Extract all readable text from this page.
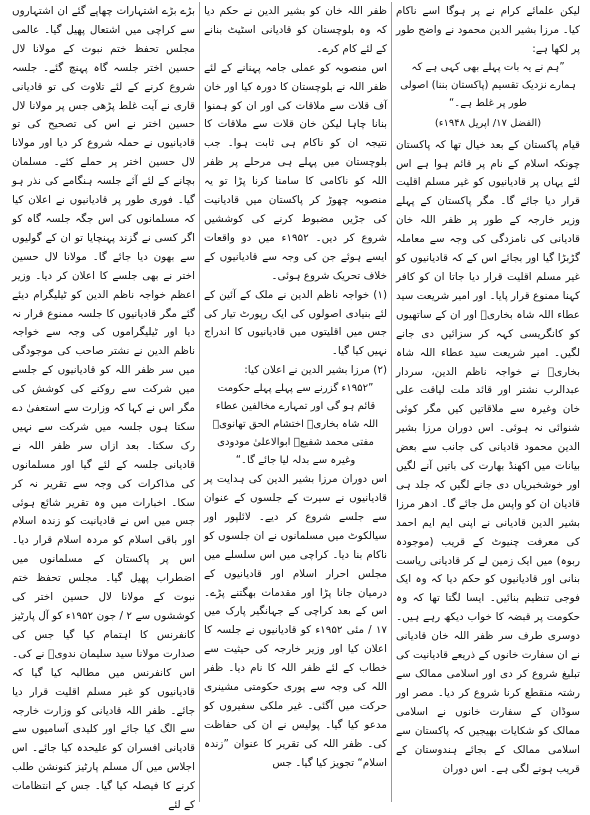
لیکن علمائے کرام نے پر ہوگا اسے ناکام کیا۔ مرزا بشیر الدین محمود نے واضح طور پر لکھا ہے:

”ہم نے یہ بات پہلے بھی کہی ہے کہ ہمارے نزدیک تقسیم (پاکستان بننا) اصولی طور پر غلط ہے۔“

(الفضل ۱۷/ اپریل ۱۹۴۸ء)

قیام پاکستان کے بعد خیال تھا کہ پاکستان چونکہ اسلام کے نام پر قائم ہوا ہے اس لئے یہاں پر قادیانیوں کو غیر مسلم اقلیت قرار دیا جائے گا۔ مگر پاکستان کے پہلے وزیر خارجہ کے طور پر ظفر اللہ خان قادیانی کی نامزدگی کی وجہ سے معاملہ گڑبڑا گیا اور بجائے اس کے کہ قادیانیوں کو غیر مسلم اقلیت قرار دیا جاتا ان کو کافر کہنا ممنوع قرار پایا۔ اور امیر شریعت سید عطاء اللہ شاہ بخاریؒ اور ان کے ساتھیوں کو کانگریسی کہہ کر سزائیں دی جانے لگیں۔ امیر شریعت سید عطاء اللہ شاہ بخاریؒ نے خواجہ ناظم الدین، سردار عبدالرب نشتر اور قائد ملت لیاقت علی خان وغیرہ سے ملاقاتیں کیں مگر کوئی شنوائی نہ ہوئی۔ اس دوران مرزا بشیر الدین محمود قادیانی کی جانب سے بعض بیانات میں اکھنڈ بھارت کی باتیں آنے لگیں اور خوشخبریاں دی جانے لگیں کہ جلد ہی قادیان ان کو واپس مل جائے گا۔ ادھر مرزا بشیر الدین قادیانی نے اپنی ایم ایم احمد کی معرفت چنیوٹ کے قریب (موجودہ ربوہ) میں ایک زمین لے کر قادیانی ریاست بنانی اور قادیانیوں کو حکم دیا کہ وہ ایک فوجی تنظیم بنائیں۔ ایسا لگتا تھا کہ وہ حکومت پر قبضہ کا خواب دیکھ رہے ہیں۔ دوسری طرف سر ظفر اللہ خان قادیانی نے ان سفارت خانوں کے ذریعے قادیانیت کی تبلیغ شروع کر دی اور اسلامی ممالک سے رشتہ منقطع کرنا شروع کر دیا۔ مصر اور سوڈان کے سفارت خانوں نے اسلامی ممالک کو شکایات بھیجیں کہ پاکستان سے اسلامی ممالک کے بجائے ہندوستان کے قریب ہونے لگی ہے۔ اس دوران

ظفر اللہ خان کو بشیر الدین نے حکم دیا کہ وہ بلوچستان کو قادیانی اسٹیٹ بنانے کے لئے کام کرے۔

اس منصوبہ کو عملی جامہ پہنانے کے لئے ظفر اللہ نے بلوچستان کا دورہ کیا اور خان آف قلات سے ملاقات کی اور ان کو ہمنوا بنانا چاہا لیکن خان قلات سے ملاقات کا نتیجہ ان کو ناکام ہی ثابت ہوا۔ جب بلوچستان میں پہلے ہی مرحلے پر ظفر اللہ کو ناکامی کا سامنا کرنا پڑا تو یہ منصوبہ چھوڑ کر پاکستان میں قادیانیت کی جڑیں مضبوط کرنے کی کوششیں شروع کر دیں۔ ۱۹۵۲ء میں دو واقعات ایسے ہوئے جن کی وجہ سے قادیانیوں کے خلاف تحریک شروع ہوئی۔

(۱) خواجہ ناظم الدین نے ملک کے آئین کے لئے بنیادی اصولوں کی ایک رپورٹ تیار کی جس میں اقلیتوں میں قادیانیوں کا اندراج نہیں کیا گیا۔

(۲) مرزا بشیر الدین نے اعلان کیا:

”۱۹۵۲ء گزرنے سے پہلے پہلے حکومت قائم ہو گی اور تمہارے مخالفین عطاء اللہ شاہ بخاریؒ اختشام الحق تھانویؒ مفتی محمد شفیعؒ ابوالاعلیٰ مودودی وغیرہ سے بدلہ لیا جائے گا۔“

اس دوران مرزا بشیر الدین کی ہدایت پر قادیانیوں نے سیرت کے جلسوں کے عنوان سے جلسے شروع کر دیے۔ لائلپور اور سیالکوٹ میں مسلمانوں نے ان جلسوں کو ناکام بنا دیا۔ کراچی میں اس سلسلے میں مجلس احرار اسلام اور قادیانیوں کے درمیان جانا پڑا اور مقدمات بھگتنے پڑے۔ اس کے بعد کراچی کے جہانگیر پارک میں ۱۷ / مئی ۱۹۵۲ء کو قادیانیوں نے جلسہ کا اعلان کیا اور وزیر خارجہ کی حیثیت سے خطاب کے لئے ظفر اللہ کا نام دیا۔ ظفر اللہ کی وجہ سے پوری حکومتی مشینری حرکت میں آگئی۔ غیر ملکی سفیروں کو مدعو کیا گیا۔ پولیس نے ان کی حفاظت کی۔ ظفر اللہ کی تقریر کا عنوان ”زندہ اسلام“ تجویز کیا گیا۔ جس

بڑے بڑے اشتہارات چھاپے گئے ان اشتہاروں سے کراچی میں اشتعال پھیل گیا۔ عالمی مجلس تحفظ ختم نبوت کے مولانا لال حسین اختر جلسہ گاہ پہنچ گئے۔ جلسہ شروع کرنے کے لئے تلاوت کی تو قادیانی قاری نے آیت غلط پڑھی جس پر مولانا لال حسین اختر نے اس کی تصحیح کی تو قادیانیوں نے حملہ شروع کر دیا اور مولانا لال حسین اختر پر حملے کئے۔ مسلمان بچانے کے لئے آئے جلسہ ہنگامے کی نذر ہو گیا۔ فوری طور پر قادیانیوں نے اعلان کیا کہ مسلمانوں کی اس جگہ جلسہ گاہ کو اگر کسی نے گزند پہنچایا تو ان کے گولیوں سے بھون دیا جائے گا۔ مولانا لال حسین اختر نے بھی جلسے کا اعلان کر دیا۔ وزیر اعظم خواجہ ناظم الدین کو ٹیلیگرام دیئے گئے مگر قادیانیوں کا جلسہ ممنوع قرار نہ دیا اور ٹیلیگراموں کی وجہ سے خواجہ ناظم الدین نے نشتر صاحب کی موجودگی میں سر ظفر اللہ کو قادیانیوں کے جلسے میں شرکت سے روکنے کی کوشش کی مگر اس نے کہا کہ وزارت سے استعفیٰ دے سکتا ہوں جلسہ میں شرکت سے نہیں رک سکتا۔ بعد ازاں سر ظفر اللہ نے قادیانی جلسہ کے لئے گیا اور مسلمانوں کی مذاکرات کی وجہ سے تقریر نہ کر سکا۔ اخبارات میں وہ تقریر شائع ہوئی جس میں اس نے قادیانیت کو زندہ اسلام اور باقی اسلام کو مردہ اسلام قرار دیا۔ اس پر پاکستان کے مسلمانوں میں اضطراب پھیل گیا۔ مجلس تحفظ ختم نبوت کے مولانا لال حسین اختر کی کوششوں سے ۲ / جون ۱۹۵۲ء کو آل پارٹیز کانفرنس کا اہتمام کیا گیا جس کی صدارت مولانا سید سلیمان ندویؒ نے کی۔ اس کانفرنس میں مطالبہ کیا گیا کہ قادیانیوں کو غیر مسلم اقلیت قرار دیا جائے۔ ظفر اللہ قادیانی کو وزارت خارجہ سے الگ کیا جائے اور کلیدی آسامیوں سے قادیانی افسران کو علیحدہ کیا جائے۔ اس اجلاس میں آل مسلم پارٹیز کنونشن طلب کرنے کا فیصلہ کیا گیا۔ جس کے انتظامات کے لئے
